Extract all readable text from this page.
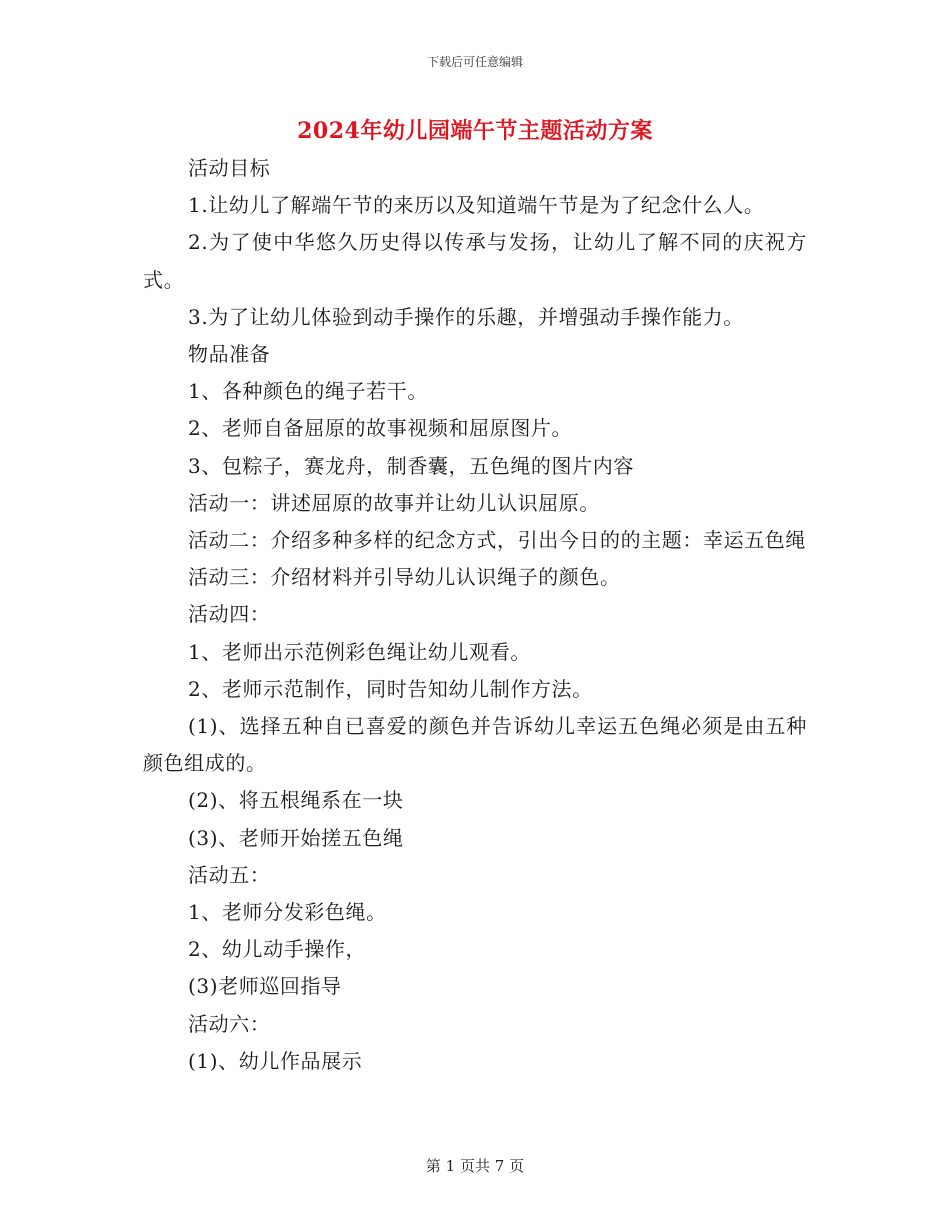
下载后可任意编辑
2024年幼儿园端午节主题活动方案

活动目标

1.让幼儿了解端午节的来历以及知道端午节是为了纪念什么人。

2.为了使中华悠久历史得以传承与发扬，让幼儿了解不同的庆祝方式。

3.为了让幼儿体验到动手操作的乐趣，并增强动手操作能力。

物品准备

1、各种颜色的绳子若干。

2、老师自备屈原的故事视频和屈原图片。

3、包粽子，赛龙舟，制香囊，五色绳的图片内容

活动一：讲述屈原的故事并让幼儿认识屈原。

活动二：介绍多种多样的纪念方式，引出今日的的主题：幸运五色绳

活动三：介绍材料并引导幼儿认识绳子的颜色。

活动四：

1、老师出示范例彩色绳让幼儿观看。

2、老师示范制作，同时告知幼儿制作方法。

(1)、选择五种自已喜爱的颜色并告诉幼儿幸运五色绳必须是由五种颜色组成的。

(2)、将五根绳系在一块

(3)、老师开始搓五色绳

活动五：

1、老师分发彩色绳。

2、幼儿动手操作，

(3)老师巡回指导

活动六：

(1)、幼儿作品展示

第 1 页共 7 页
